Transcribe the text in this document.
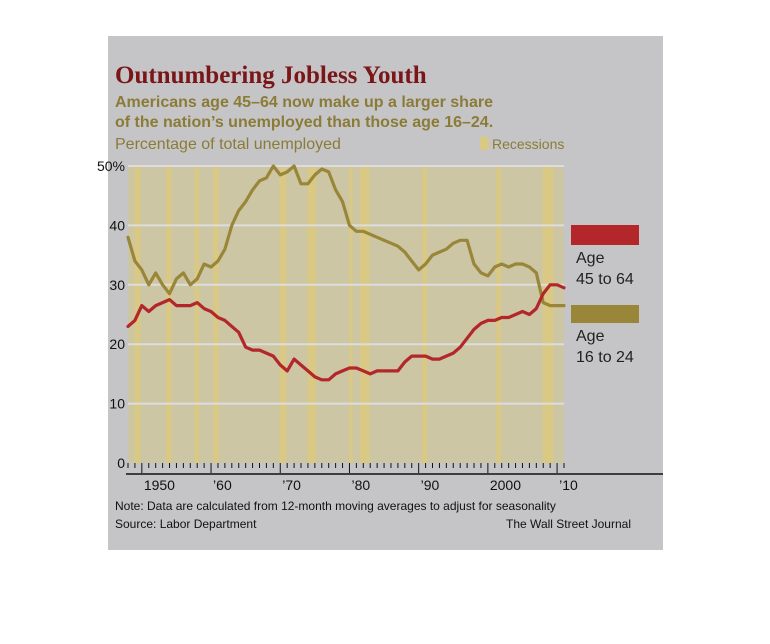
Outnumbering Jobless Youth
Americans age 45–64 now make up a larger share
of the nation’s unemployed than those age 16–24.
Percentage of total unemployed	Recessions
0
10
20
30
40
50%
1950	’60	’70	’80	’90	2000	’10
Age
45 to 64
Age
16 to 24
Note: Data are calculated from 12-month moving averages to adjust for seasonality
Source: Labor Department	The Wall Street Journal
